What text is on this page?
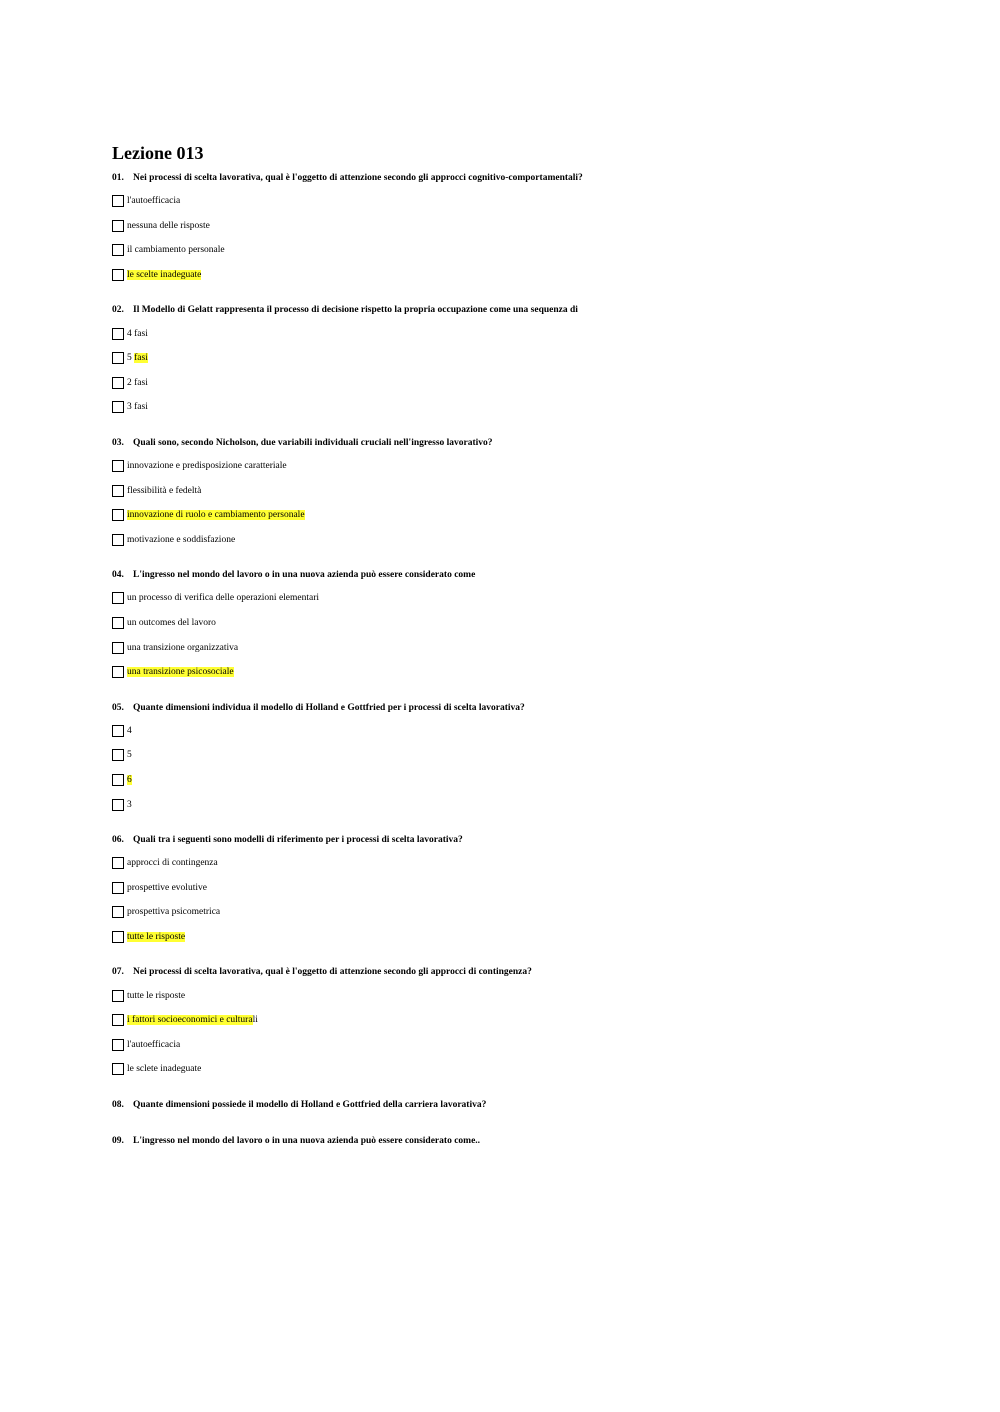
Lezione 013
01. Nei processi di scelta lavorativa, qual è l'oggetto di attenzione secondo gli approcci cognitivo-comportamentali?
l'autoefficacia
nessuna delle risposte
il cambiamento personale
le scelte inadeguate
02. Il Modello di Gelatt rappresenta il processo di decisione rispetto la propria occupazione come una sequenza di
4 fasi
5 fasi
2 fasi
3 fasi
03. Quali sono, secondo Nicholson, due variabili individuali cruciali nell'ingresso lavorativo?
innovazione e predisposizione caratteriale
flessibilità e fedeltà
innovazione di ruolo e cambiamento personale
motivazione e soddisfazione
04. L'ingresso nel mondo del lavoro o in una nuova azienda può essere considerato come
un processo di verifica delle operazioni elementari
un outcomes del lavoro
una transizione organizzativa
una transizione psicosociale
05. Quante dimensioni individua il modello di Holland e Gottfried per i processi di scelta lavorativa?
4
5
6
3
06. Quali tra i seguenti sono modelli di riferimento per i processi di scelta lavorativa?
approcci di contingenza
prospettive evolutive
prospettiva psicometrica
tutte le risposte
07. Nei processi di scelta lavorativa, qual è l'oggetto di attenzione secondo gli approcci di contingenza?
tutte le risposte
i fattori socioeconomici e culturali
l'autoefficacia
le sclete inadeguate
08. Quante dimensioni possiede il modello di Holland e Gottfried della carriera lavorativa?
09. L'ingresso nel mondo del lavoro o in una nuova azienda può essere considerato come..
